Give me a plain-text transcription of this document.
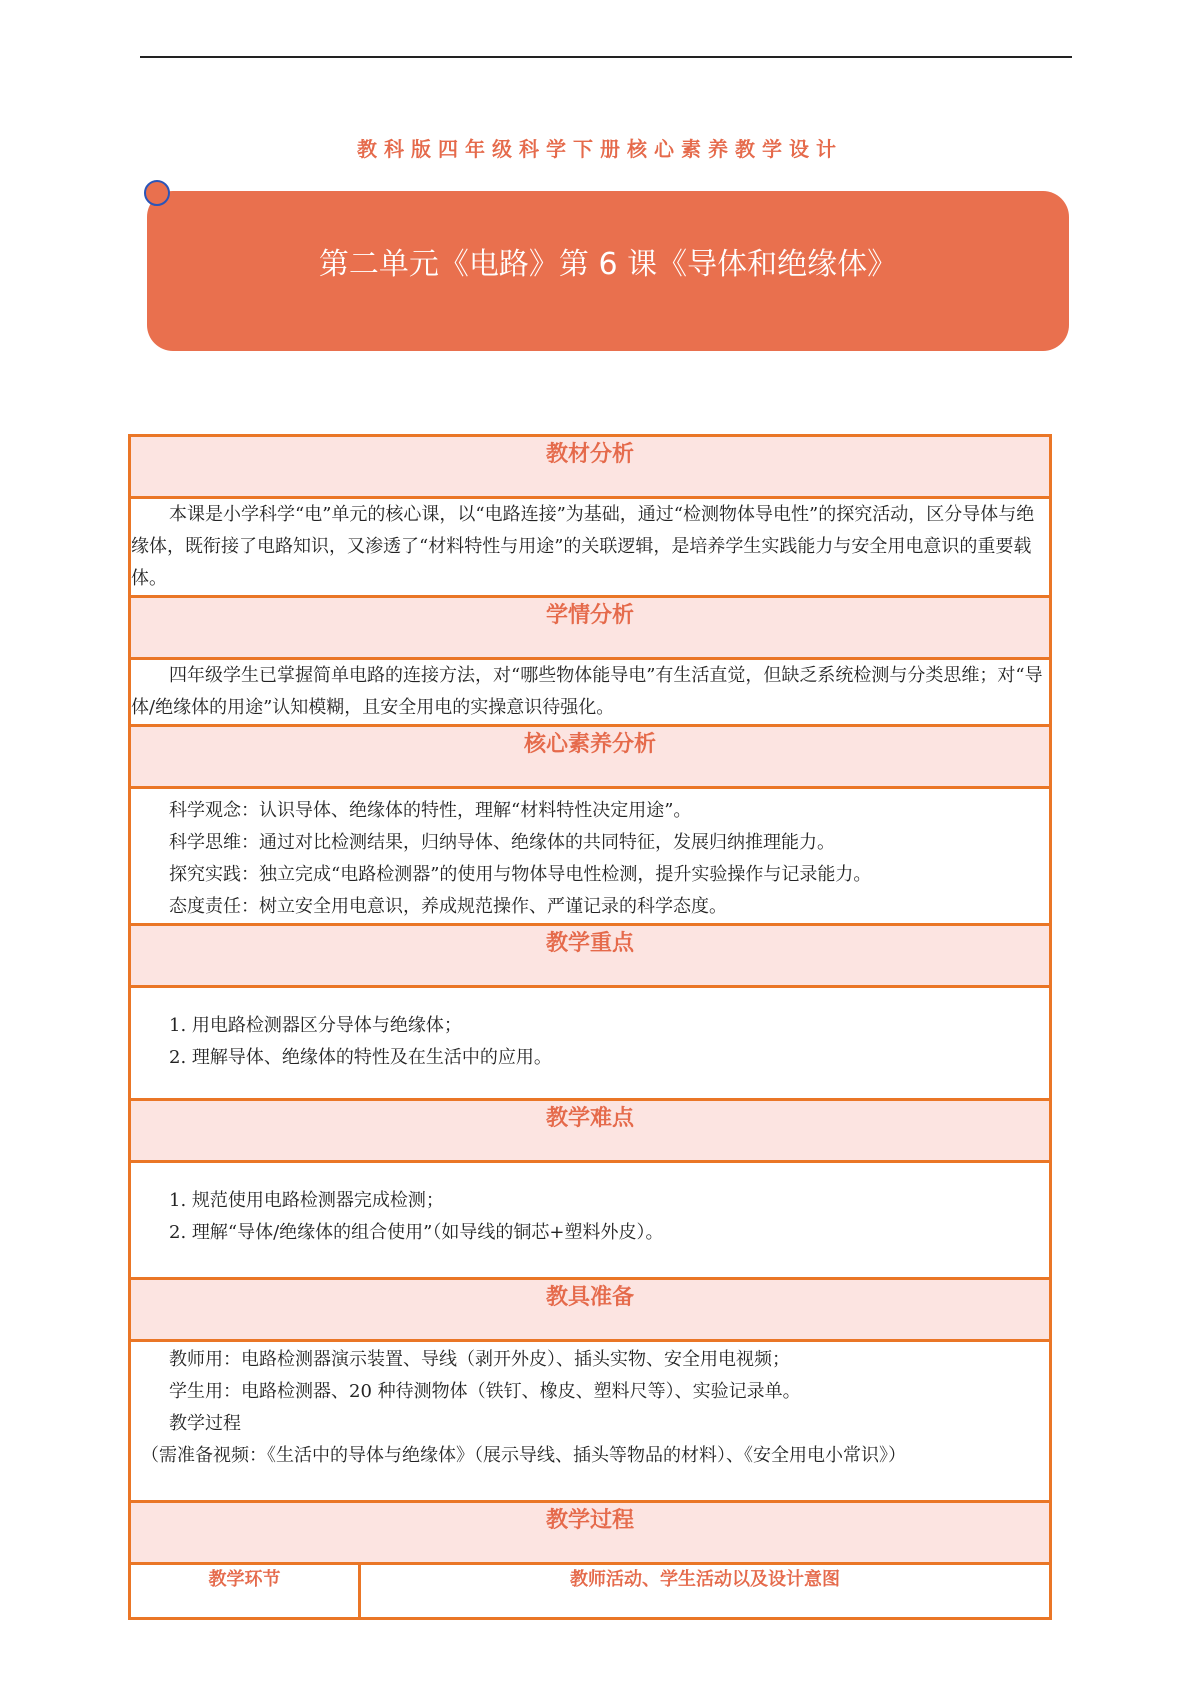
教科版四年级科学下册核心素养教学设计
第二单元《电路》第 6 课《导体和绝缘体》
教材分析

本课是小学科学“电”单元的核心课，以“电路连接”为基础，通过“检测物体导电性”的探究活动，区分导体与绝缘体，既衔接了电路知识，又渗透了“材料特性与用途”的关联逻辑，是培养学生实践能力与安全用电意识的重要载体。

学情分析

四年级学生已掌握简单电路的连接方法，对“哪些物体能导电”有生活直觉，但缺乏系统检测与分类思维；对“导体/绝缘体的用途”认知模糊，且安全用电的实操意识待强化。

核心素养分析

科学观念：认识导体、绝缘体的特性，理解“材料特性决定用途”。

科学思维：通过对比检测结果，归纳导体、绝缘体的共同特征，发展归纳推理能力。

探究实践：独立完成“电路检测器”的使用与物体导电性检测，提升实验操作与记录能力。

态度责任：树立安全用电意识，养成规范操作、严谨记录的科学态度。

教学重点

1. 用电路检测器区分导体与绝缘体；

2. 理解导体、绝缘体的特性及在生活中的应用。

教学难点

1. 规范使用电路检测器完成检测；

2. 理解“导体/绝缘体的组合使用”（如导线的铜芯+塑料外皮）。

教具准备

教师用：电路检测器演示装置、导线（剥开外皮）、插头实物、安全用电视频；

学生用：电路检测器、20 种待测物体（铁钉、橡皮、塑料尺等）、实验记录单。

教学过程

（需准备视频：《生活中的导体与绝缘体》（展示导线、插头等物品的材料）、《安全用电小常识》）

教学过程
教学环节	教师活动、学生活动以及设计意图
